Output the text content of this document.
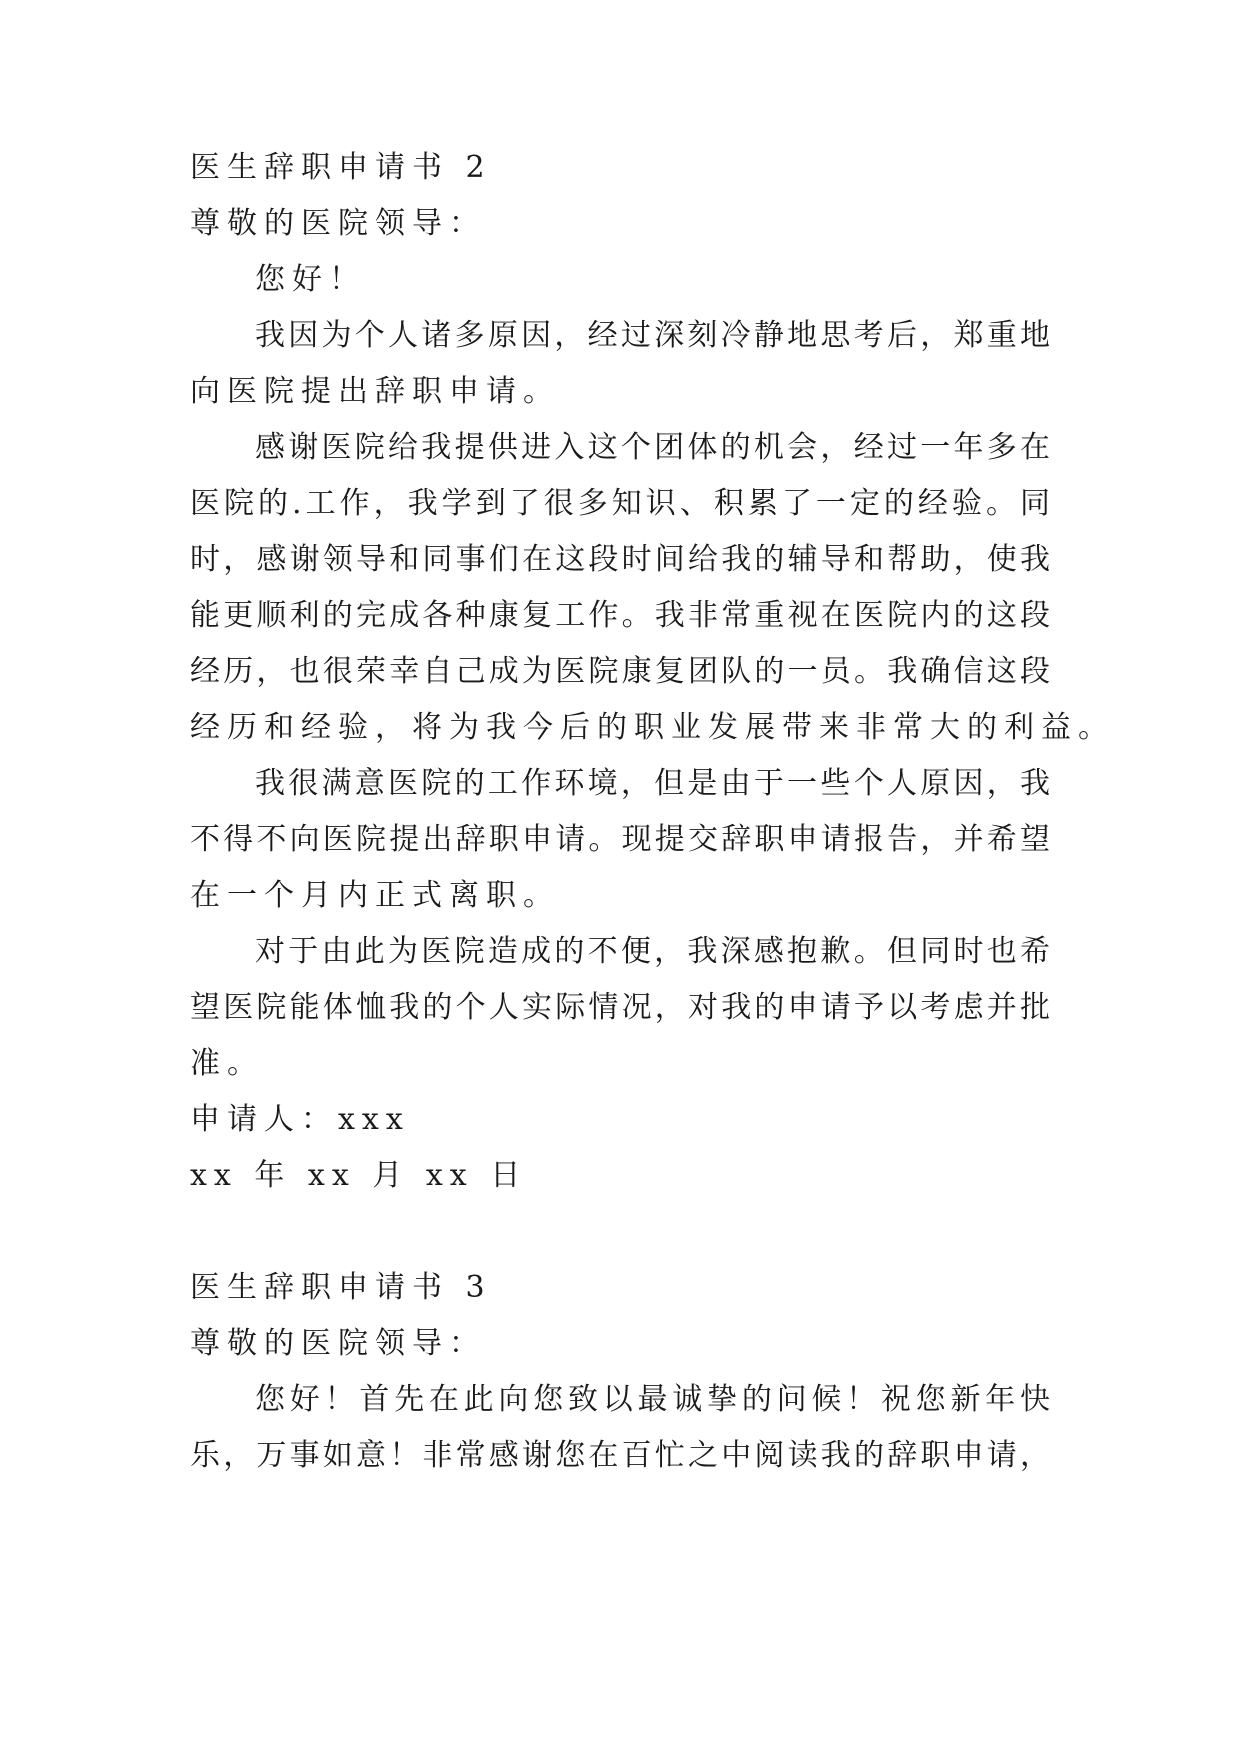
医生辞职申请书 2
尊敬的医院领导：
您好！
我因为个人诸多原因，经过深刻冷静地思考后，郑重地
向医院提出辞职申请。
感谢医院给我提供进入这个团体的机会，经过一年多在
医院的.工作，我学到了很多知识、积累了一定的经验。同
时，感谢领导和同事们在这段时间给我的辅导和帮助，使我
能更顺利的完成各种康复工作。我非常重视在医院内的这段
经历，也很荣幸自己成为医院康复团队的一员。我确信这段
经历和经验，将为我今后的职业发展带来非常大的利益。
我很满意医院的工作环境，但是由于一些个人原因，我
不得不向医院提出辞职申请。现提交辞职申请报告，并希望
在一个月内正式离职。
对于由此为医院造成的不便，我深感抱歉。但同时也希
望医院能体恤我的个人实际情况，对我的申请予以考虑并批
准。
申请人：xxx
xx 年 xx 月 xx 日
医生辞职申请书 3
尊敬的医院领导：
您好！首先在此向您致以最诚挚的问候！祝您新年快
乐，万事如意！非常感谢您在百忙之中阅读我的辞职申请，
